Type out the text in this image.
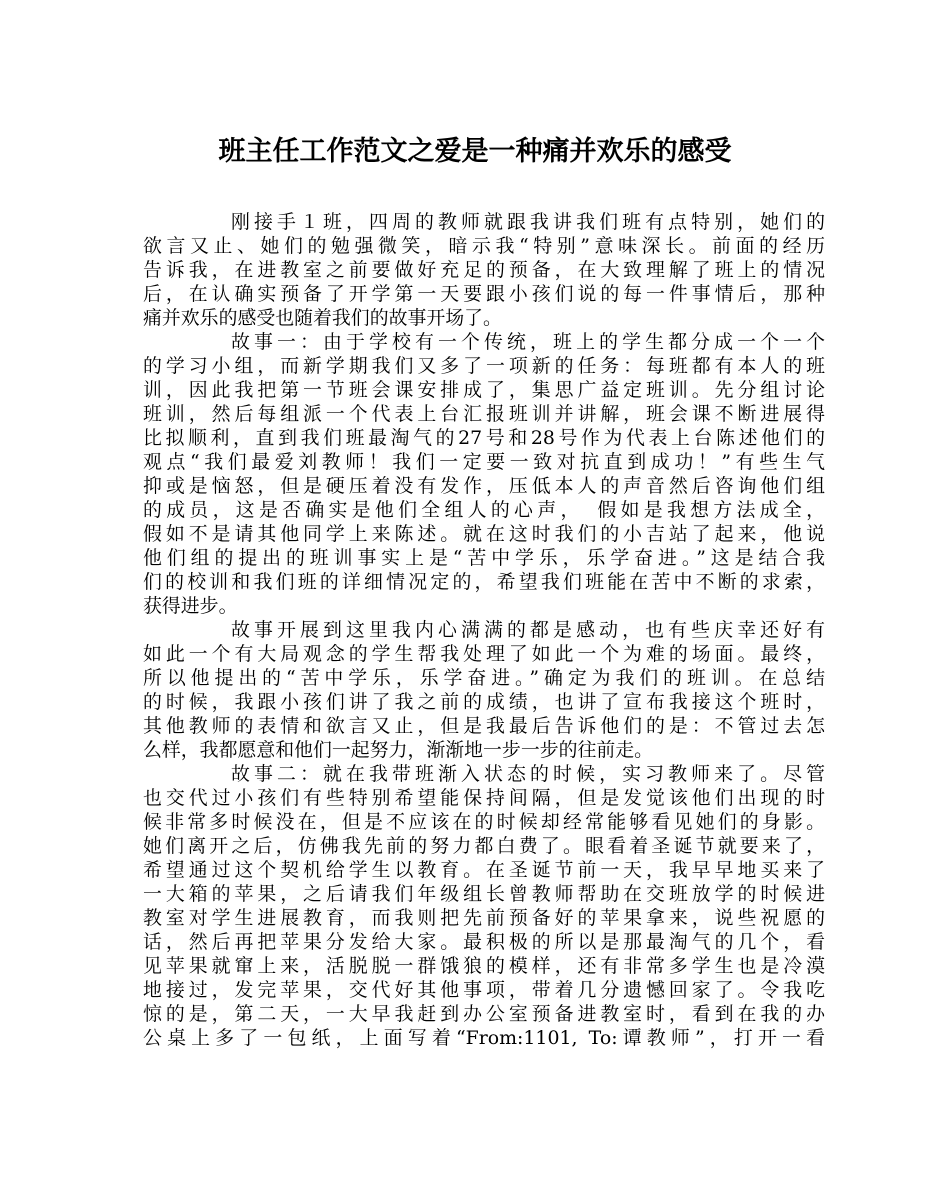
班主任工作范文之爱是一种痛并欢乐的感受

刚接手１班，四周的教师就跟我讲我们班有点特别，她们的
欲言又止、她们的勉强微笑，暗示我“特别”意味深长。前面的经历
告诉我，在进教室之前要做好充足的预备，在大致理解了班上的情况
后，在认确实预备了开学第一天要跟小孩们说的每一件事情后，那种
痛并欢乐的感受也随着我们的故事开场了。

故事一：由于学校有一个传统，班上的学生都分成一个一个
的学习小组，而新学期我们又多了一项新的任务：每班都有本人的班
训，因此我把第一节班会课安排成了，集思广益定班训。先分组讨论
班训，然后每组派一个代表上台汇报班训并讲解，班会课不断进展得
比拟顺利，直到我们班最淘气的27号和28号作为代表上台陈述他们的
观点“我们最爱刘教师！我们一定要一致对抗直到成功！”有些生气
抑或是恼怒，但是硬压着没有发作，压低本人的声音然后咨询他们组
的成员，这是否确实是他们全组人的心声，　假如是我想方法成全，
假如不是请其他同学上来陈述。就在这时我们的小吉站了起来，他说
他们组的提出的班训事实上是“苦中学乐，乐学奋进。”这是结合我
们的校训和我们班的详细情况定的，希望我们班能在苦中不断的求索，
获得进步。

故事开展到这里我内心满满的都是感动，也有些庆幸还好有
如此一个有大局观念的学生帮我处理了如此一个为难的场面。最终，
所以他提出的“苦中学乐，乐学奋进。”确定为我们的班训。在总结
的时候，我跟小孩们讲了我之前的成绩，也讲了宣布我接这个班时，
其他教师的表情和欲言又止，但是我最后告诉他们的是：不管过去怎
么样，我都愿意和他们一起努力，渐渐地一步一步的往前走。

故事二：就在我带班渐入状态的时候，实习教师来了。尽管
也交代过小孩们有些特别希望能保持间隔，但是发觉该他们出现的时
候非常多时候没在，但是不应该在的时候却经常能够看见她们的身影。
她们离开之后，仿佛我先前的努力都白费了。眼看着圣诞节就要来了，
希望通过这个契机给学生以教育。在圣诞节前一天，我早早地买来了
一大箱的苹果，之后请我们年级组长曾教师帮助在交班放学的时候进
教室对学生进展教育，而我则把先前预备好的苹果拿来，说些祝愿的
话，然后再把苹果分发给大家。最积极的所以是那最淘气的几个，看
见苹果就窜上来，活脱脱一群饿狼的模样，还有非常多学生也是冷漠
地接过，发完苹果，交代好其他事项，带着几分遗憾回家了。令我吃
惊的是，第二天，一大早我赶到办公室预备进教室时，看到在我的办
公桌上多了一包纸，上面写着“From:1101, To:谭教师”，打开一看
